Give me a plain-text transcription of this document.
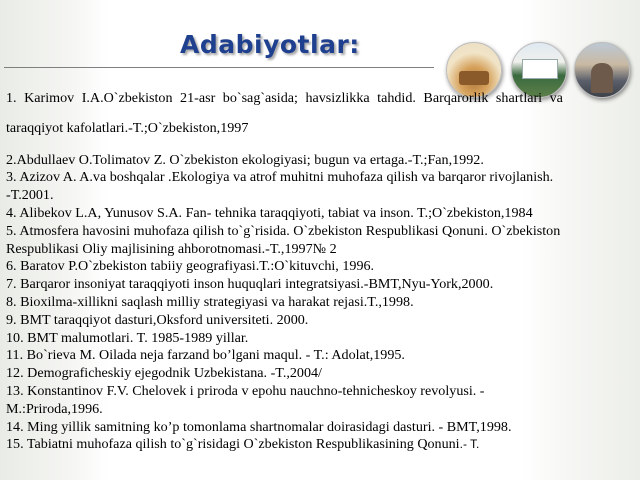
Adabiyotlar:
1. Karimov I.A.O`zbekiston 21-asr bo`sag`asida; havsizlikka tahdid. Barqarorlik shartlari va
taraqqiyot kafolatlari.-T.;O`zbekiston,1997
2.Abdullaev O.Tolimatov Z. O`zbekiston ekologiyasi; bugun va ertaga.-T.;Fan,1992.
3. Azizov A. A.va boshqalar .Ekologiya va atrof muhitni muhofaza qilish va barqaror rivojlanish.
-T.2001.
4. Alibekov L.A, Yunusov S.A. Fan- tehnika taraqqiyoti, tabiat va inson. T.;O`zbekiston,1984
5. Atmosfera havosini muhofaza qilish to`g`risida. O`zbekiston Respublikasi Qonuni. O`zbekiston
Respublikasi Oliy majlisining ahborotnomasi.-T.,1997№ 2
6. Baratov P.O`zbekiston tabiiy geografiyasi.T.:O`kituvchi, 1996.
7. Barqaror insoniyat taraqqiyoti inson huquqlari integratsiyasi.-BMT,Nyu-York,2000.
8. Bioxilma-xillikni saqlash milliy strategiyasi va harakat rejasi.T.,1998.
9. BMT taraqqiyot dasturi,Oksford universiteti. 2000.
10. BMT malumotlari. T. 1985-1989 yillar.
11. Bo`rieva M. Oilada neja farzand bo’lgani maqul. - T.: Adolat,1995.
12. Demograficheskiy ejegodnik Uzbekistana. -T.,2004/
13. Konstantinov F.V. Chelovek i priroda v epohu nauchno-tehnicheskoy revolyusi. -
M.:Priroda,1996.
14. Ming yillik samitning ko’p tomonlama shartnomalar doirasidagi dasturi. - BMT,1998.
15. Tabiatni muhofaza qilish to`g`risidagi O`zbekiston Respublikasining Qonuni.- T.
